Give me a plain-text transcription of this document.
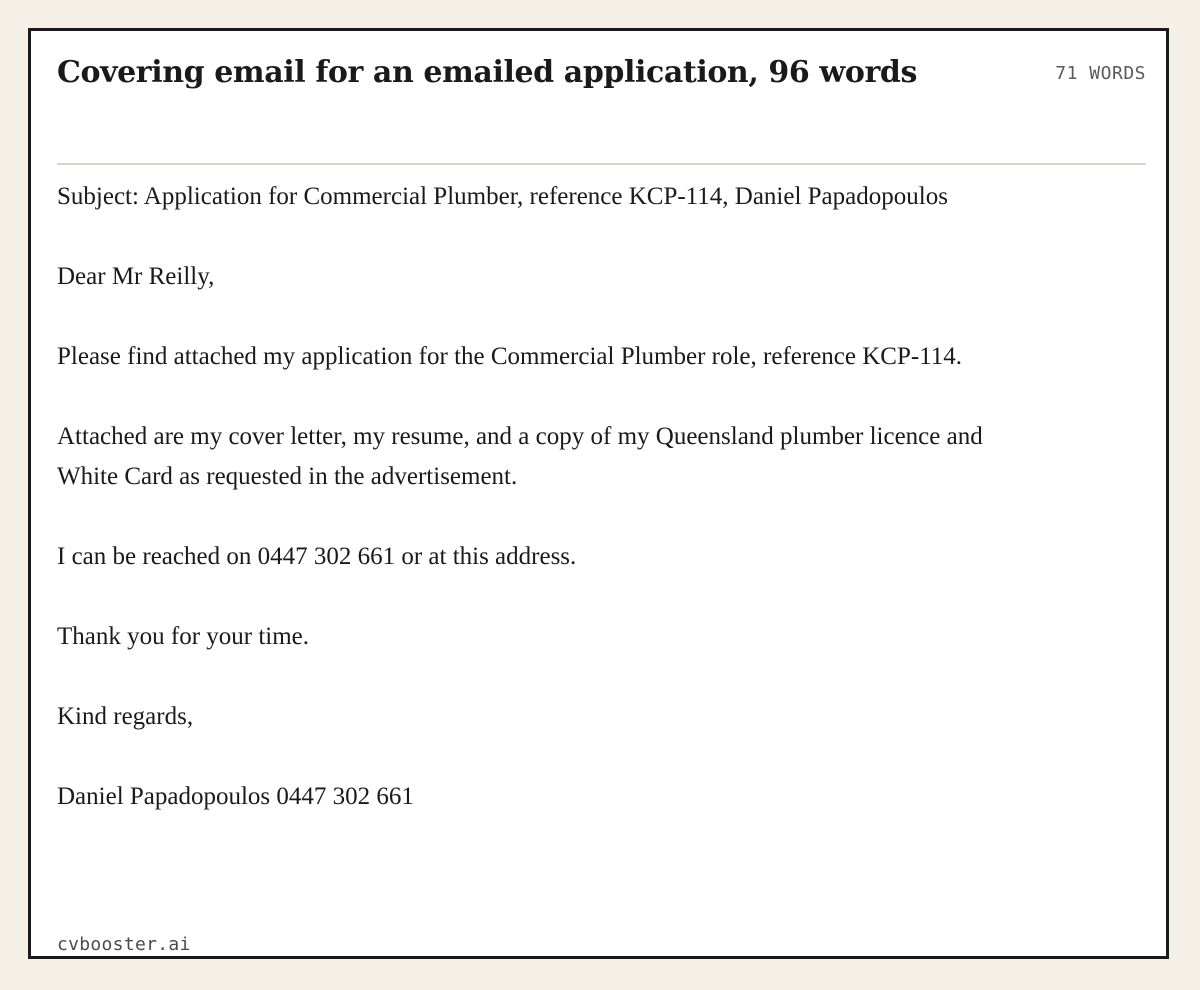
Covering email for an emailed application, 96 words	71 WORDS

Subject: Application for Commercial Plumber, reference KCP-114, Daniel Papadopoulos

Dear Mr Reilly,

Please find attached my application for the Commercial Plumber role, reference KCP-114.

Attached are my cover letter, my resume, and a copy of my Queensland plumber licence and White Card as requested in the advertisement.

I can be reached on 0447 302 661 or at this address.

Thank you for your time.

Kind regards,

Daniel Papadopoulos 0447 302 661

cvbooster.ai
